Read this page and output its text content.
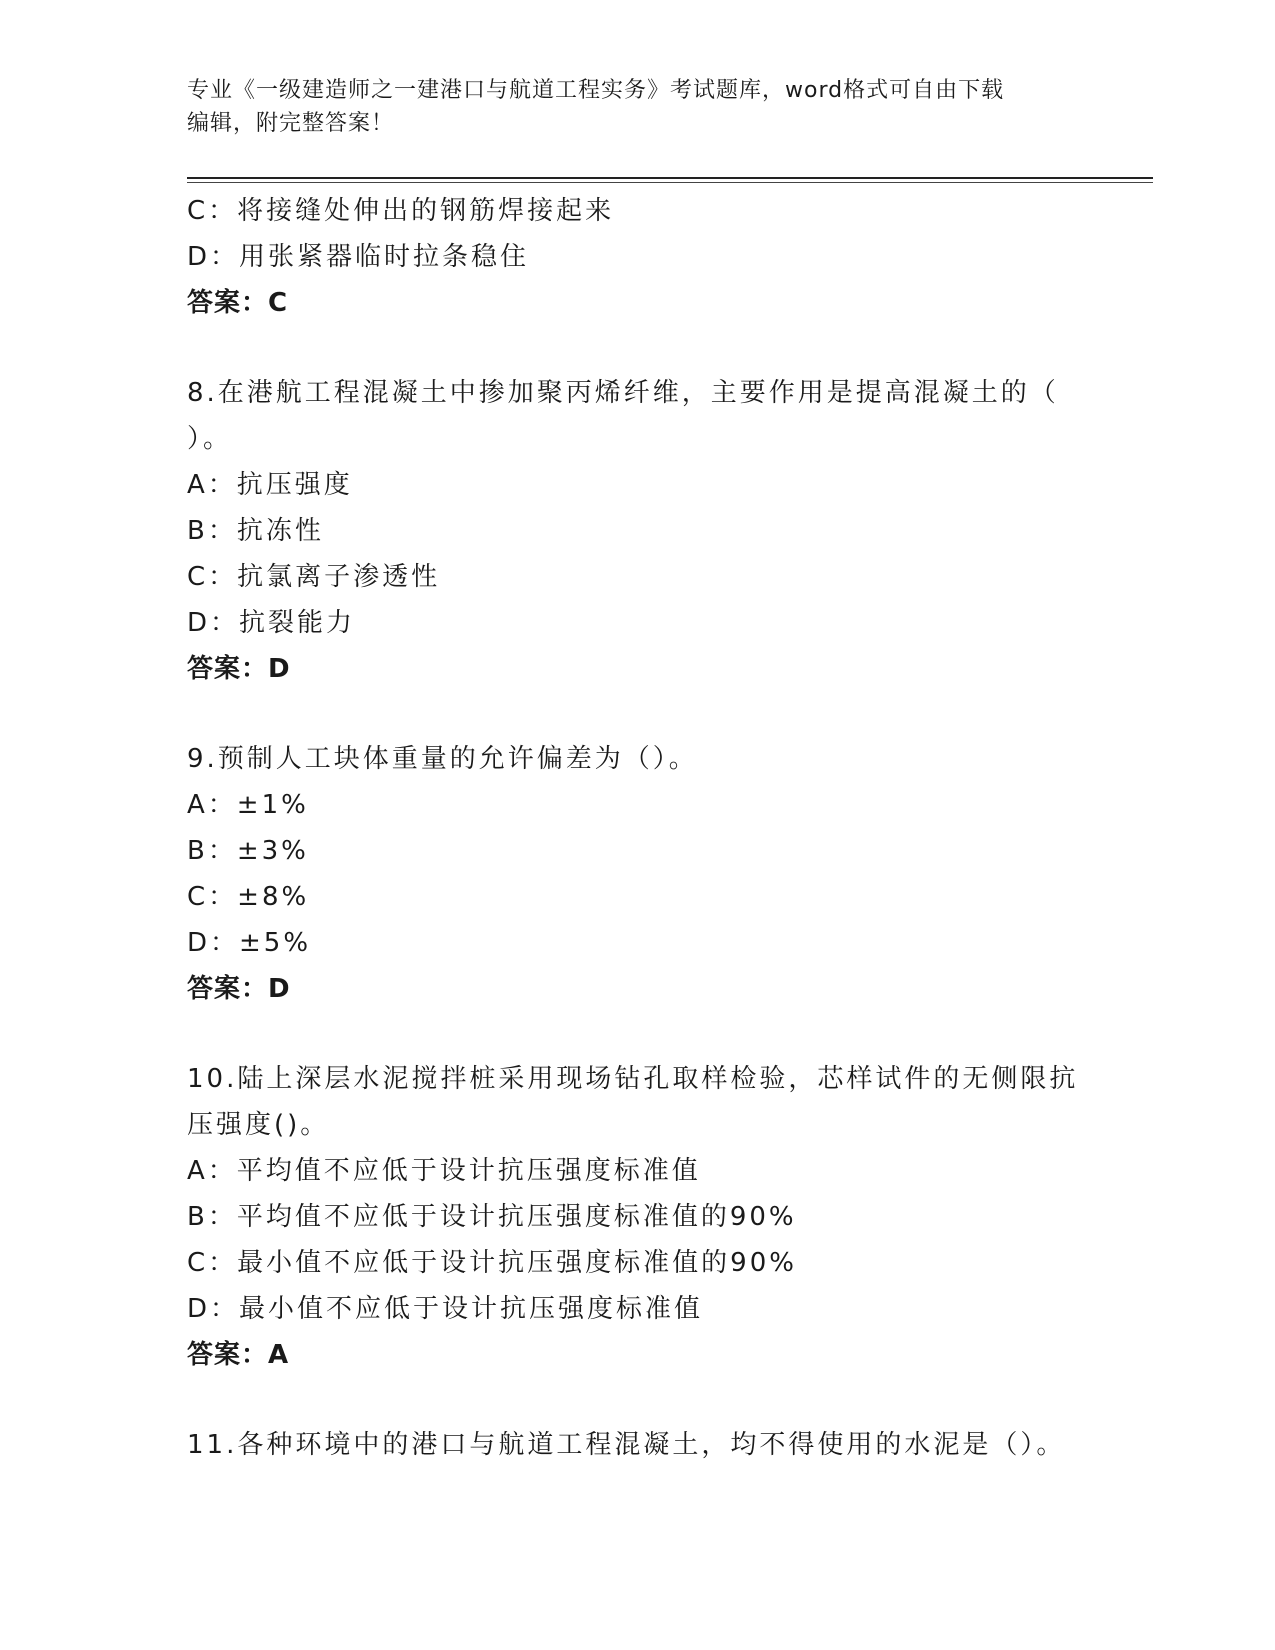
专业《一级建造师之一建港口与航道工程实务》考试题库，word格式可自由下载
编辑，附完整答案！
C：将接缝处伸出的钢筋焊接起来
D：用张紧器临时拉条稳住
答案：C
8.在港航工程混凝土中掺加聚丙烯纤维，主要作用是提高混凝土的（
）。
A：抗压强度
B：抗冻性
C：抗氯离子渗透性
D：抗裂能力
答案：D
9.预制人工块体重量的允许偏差为（）。
A：±1%
B：±3%
C：±8%
D：±5%
答案：D
10.陆上深层水泥搅拌桩采用现场钻孔取样检验，芯样试件的无侧限抗
压强度()。
A：平均值不应低于设计抗压强度标准值
B：平均值不应低于设计抗压强度标准值的90%
C：最小值不应低于设计抗压强度标准值的90%
D：最小值不应低于设计抗压强度标准值
答案：A
11.各种环境中的港口与航道工程混凝土，均不得使用的水泥是（）。
